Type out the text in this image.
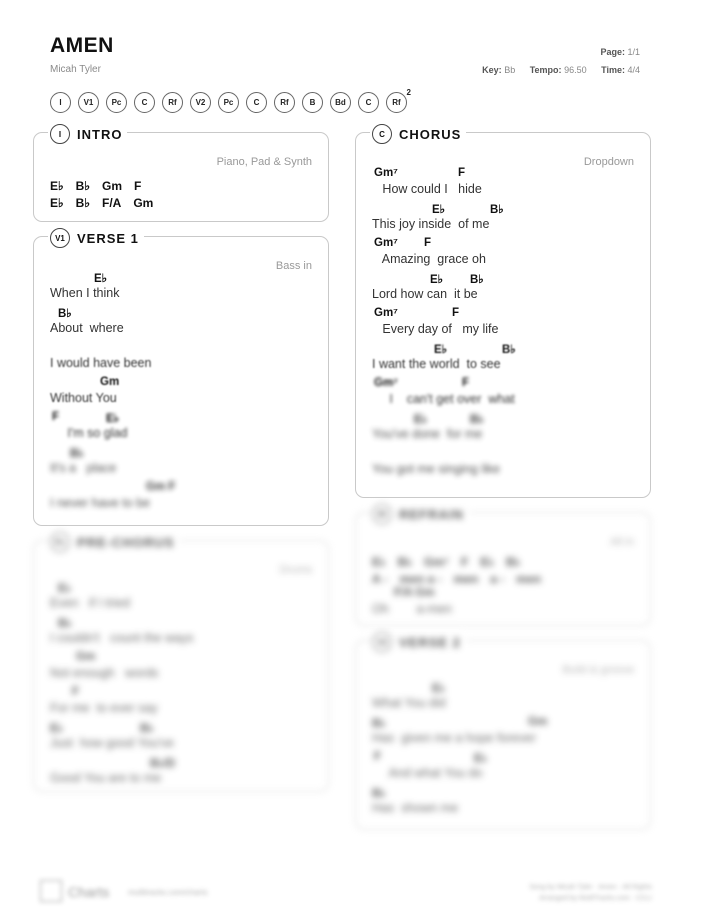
AMEN
Micah Tyler
Page: 1/1
Key: Bb Tempo: 96.50 Time: 4/4
I	V1 Pc	C	Rf V2 Pc	C	Rf	B Bd C	Rf
2
I	INTRO
Piano, Pad & Synth
E♭ B♭ Gm F
E♭ B♭ F/A Gm
V1 VERSE 1
Bass in
E♭
When I think
B♭
About  where
I would have been
Gm
Without You
F	E♭
I'm so glad
B♭
It's a   place
Gm F
I never have to be
Pc PRE-CHORUS
Drums
E♭
Even   if I tried
B♭
I couldn't   count the ways
Gm
Not enough   words
F
For me  to ever say
E♭	B♭
Just  how good You've
B♭/D
Good You are to me
C	CHORUS
Dropdown
Gm⁷	F
How could I   hide
E♭	B♭
This joy inside  of me
Gm⁷ F
Amazing  grace oh
E♭ B♭
Lord how can  it be
Gm⁷	F
Every day of   my life
E♭	B♭
I want the world  to see
Gm⁷	F
I    can't get over  what
E♭	B♭
You've done  for me
You got me singing like
Rf REFRAIN
All in
E♭ B♭ Gm⁷ F E♭ B♭
A - men a - men a - men
F/A Gm
Oh        a-men
V2 VERSE 2
Build & groove
E♭
What You did
B♭	Gm
Has  given me a hope forever
F	E♭
And what You do
B♭
Has  shown me
Charts multitracks.com/charts
Song by Micah Tyler · Amen · All Rights
Arranged by MultiTracks.com · CCLI
